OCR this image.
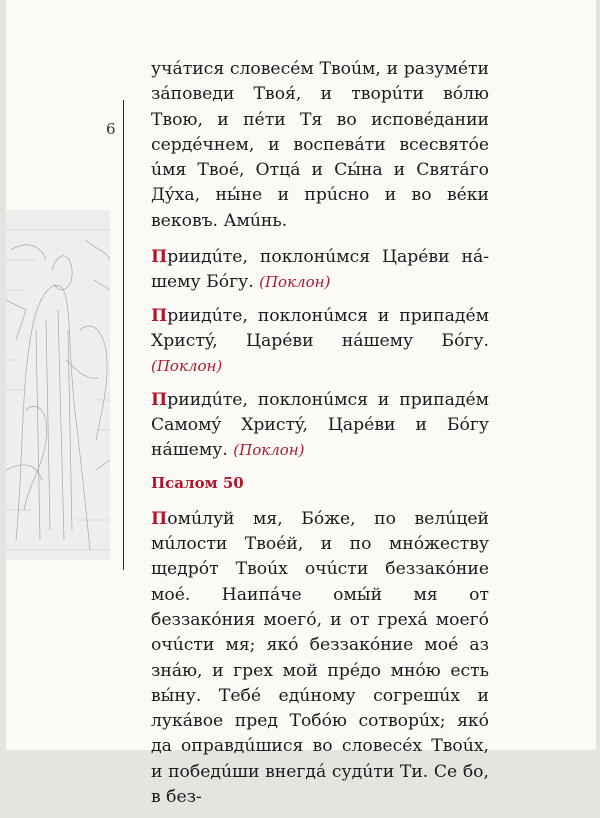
6

учáтися словесéм Твоúм, и разумéти зáповеди Твоя́, и творúти вóлю Твою, и пéти Тя во исповéдании сердéчнем, и воспевáти всесвятóе úмя Твоé, Отцá и Сы́на и Святáго Дýха, ны́не и прúсно и во вéки вековъ. Амúнь.

Приидúте, поклонúмся Царéви нá-шему Бóгу. (Поклон)

Приидúте, поклонúмся и припадéм Христý, Царéви нáшему Бóгу. (Поклон)

Приидúте, поклонúмся и припадéм Самомý Христý, Царéви и Бóгу нáшему. (Поклон)

Псалом 50

Помúлуй мя, Бóже, по велúцей мúлости Твоéй, и по мнóжеству щедрóт Твоúх очúсти беззакóние моé. Наипáче омы́й мя от беззакóния моегó, и от грехá моегó очúсти мя; якó беззакóние моé аз знáю, и грех мой прéдо мнóю есть вы́ну. Тебé едúному согрешúх и лукáвое пред Тобóю сотворúх; якó да оправдúшися во словесéх Твоúх, и победúши внегдá судúти Ти. Се бо, в без-
